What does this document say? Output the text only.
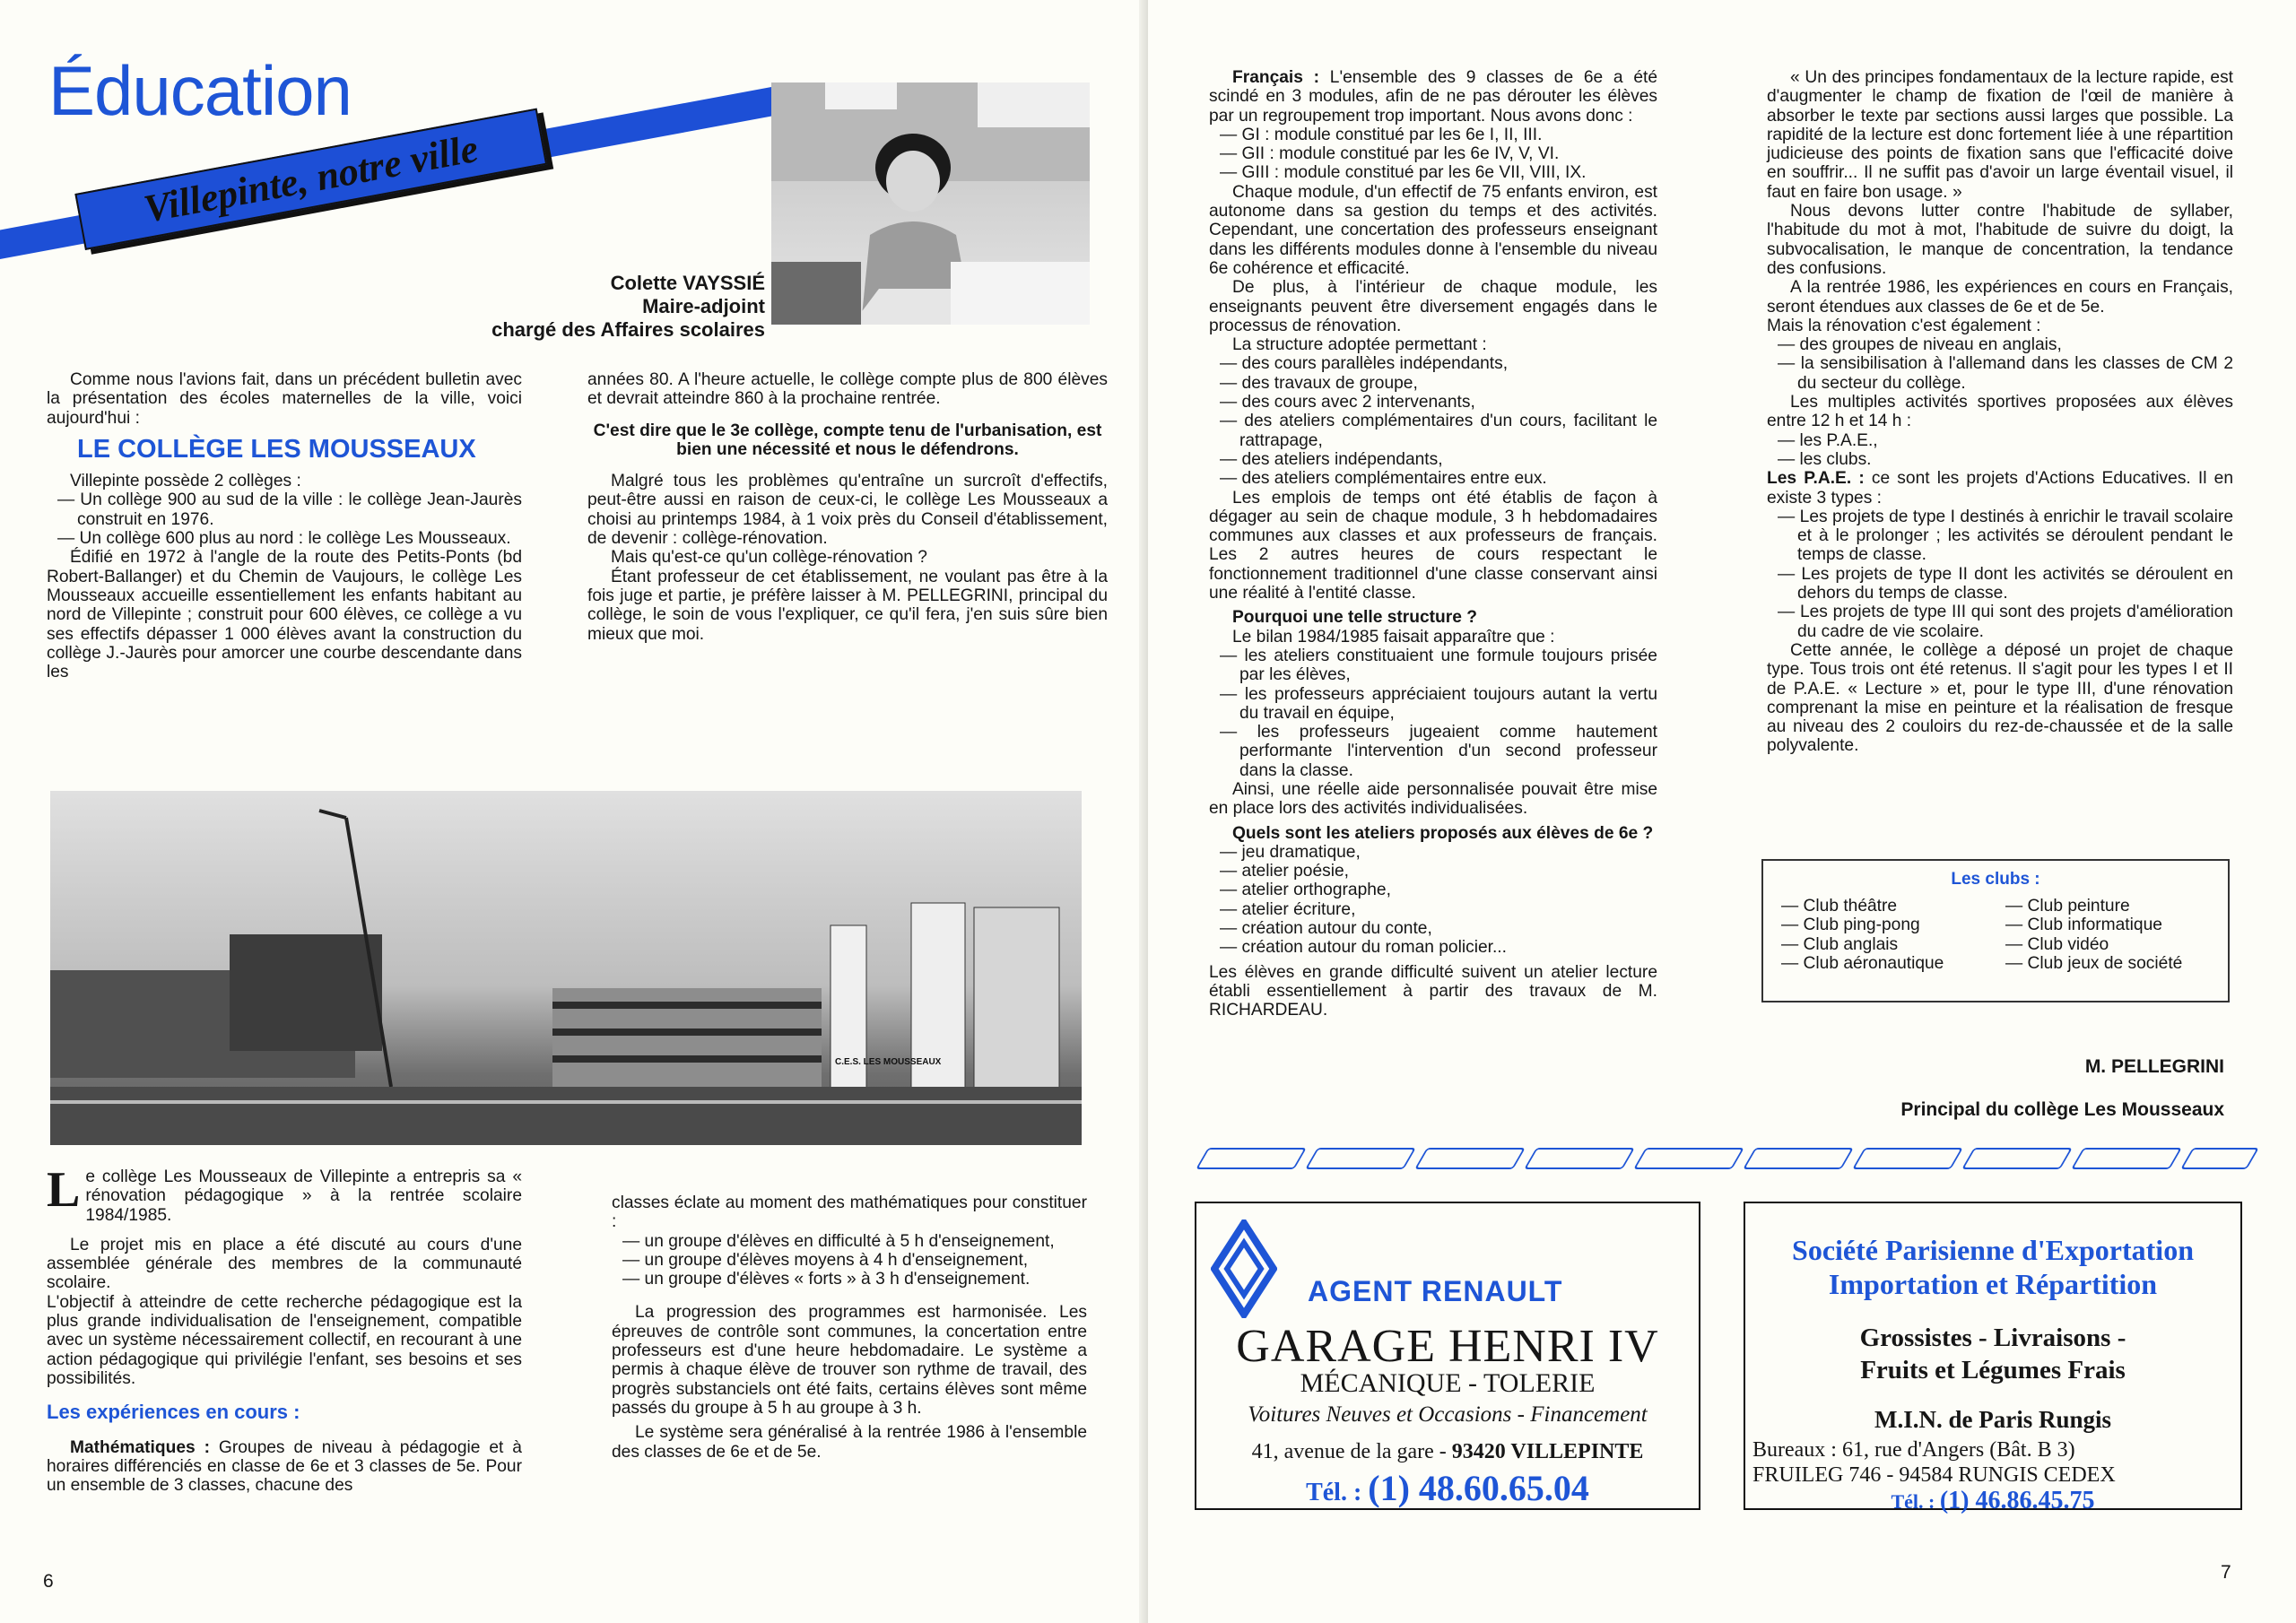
Éducation
Villepinte, notre ville
Colette VAYSSIÉ
Maire-adjoint
chargé des Affaires scolaires

Comme nous l'avions fait, dans un précédent bulletin avec la présentation des écoles maternelles de la ville, voici aujourd'hui :

LE COLLÈGE LES MOUSSEAUX

Villepinte possède 2 collèges :

— Un collège 900 au sud de la ville : le collège Jean-Jaurès construit en 1976.
— Un collège 600 plus au nord : le collège Les Mousseaux.

Édifié en 1972 à l'angle de la route des Petits-Ponts (bd Robert-Ballanger) et du Chemin de Vaujours, le collège Les Mousseaux accueille essentiellement les enfants habitant au nord de Villepinte ; construit pour 600 élèves, ce collège a vu ses effectifs dépasser 1 000 élèves avant la construction du collège J.-Jaurès pour amorcer une courbe descendante dans les

années 80. A l'heure actuelle, le collège compte plus de 800 élèves et devrait atteindre 860 à la prochaine rentrée.

C'est dire que le 3e collège, compte tenu de l'urbanisation, est bien une nécessité et nous le défendrons.

Malgré tous les problèmes qu'entraîne un surcroît d'effectifs, peut-être aussi en raison de ceux-ci, le collège Les Mousseaux a choisi au printemps 1984, à 1 voix près du Conseil d'établissement, de devenir : collège-rénovation.

Mais qu'est-ce qu'un collège-rénovation ?

Étant professeur de cet établissement, ne voulant pas être à la fois juge et partie, je préfère laisser à M. PELLEGRINI, principal du collège, le soin de vous l'expliquer, ce qu'il fera, j'en suis sûre bien mieux que moi.

C.E.S. LES MOUSSEAUX

Le collège Les Mousseaux de Villepinte a entrepris sa « rénovation pédagogique » à la rentrée scolaire 1984/1985.

Le projet mis en place a été discuté au cours d'une assemblée générale des membres de la communauté scolaire.

L'objectif à atteindre de cette recherche pédagogique est la plus grande individualisation de l'enseignement, compatible avec un système nécessairement collectif, en recourant à une action pédagogique qui privilégie l'enfant, ses besoins et ses possibilités.

Les expériences en cours :

Mathématiques : Groupes de niveau à pédagogie et à horaires différenciés en classe de 6e et 3 classes de 5e. Pour un ensemble de 3 classes, chacune des

classes éclate au moment des mathématiques pour constituer :

— un groupe d'élèves en difficulté à 5 h d'enseignement,
— un groupe d'élèves moyens à 4 h d'enseignement,
— un groupe d'élèves « forts » à 3 h d'enseignement.

La progression des programmes est harmonisée. Les épreuves de contrôle sont communes, la concertation entre professeurs est d'une heure hebdomadaire. Le système a permis à chaque élève de trouver son rythme de travail, des progrès substanciels ont été faits, certains élèves sont même passés du groupe à 5 h au groupe à 3 h.

Le système sera généralisé à la rentrée 1986 à l'ensemble des classes de 6e et de 5e.

6

Français : L'ensemble des 9 classes de 6e a été scindé en 3 modules, afin de ne pas dérouter les élèves par un regroupement trop important. Nous avons donc :

— GI : module constitué par les 6e I, II, III.
— GII : module constitué par les 6e IV, V, VI.
— GIII : module constitué par les 6e VII, VIII, IX.

Chaque module, d'un effectif de 75 enfants environ, est autonome dans sa gestion du temps et des activités. Cependant, une concertation des professeurs enseignant dans les différents modules donne à l'ensemble du niveau 6e cohérence et efficacité.

De plus, à l'intérieur de chaque module, les enseignants peuvent être diversement engagés dans le processus de rénovation.

La structure adoptée permettant :

— des cours parallèles indépendants,
— des travaux de groupe,
— des cours avec 2 intervenants,
— des ateliers complémentaires d'un cours, facilitant le rattrapage,
— des ateliers indépendants,
— des ateliers complémentaires entre eux.

Les emplois de temps ont été établis de façon à dégager au sein de chaque module, 3 h hebdomadaires communes aux classes et aux professeurs de français. Les 2 autres heures de cours respectant le fonctionnement traditionnel d'une classe conservant ainsi une réalité à l'entité classe.

Pourquoi une telle structure ?

Le bilan 1984/1985 faisait apparaître que :

— les ateliers constituaient une formule toujours prisée par les élèves,
— les professeurs appréciaient toujours autant la vertu du travail en équipe,
— les professeurs jugeaient comme hautement performante l'intervention d'un second professeur dans la classe.

Ainsi, une réelle aide personnalisée pouvait être mise en place lors des activités individualisées.

Quels sont les ateliers proposés aux élèves de 6e ?

— jeu dramatique,
— atelier poésie,
— atelier orthographe,
— atelier écriture,
— création autour du conte,
— création autour du roman policier...

Les élèves en grande difficulté suivent un atelier lecture établi essentiellement à partir des travaux de M. RICHARDEAU.

« Un des principes fondamentaux de la lecture rapide, est d'augmenter le champ de fixation de l'œil de manière à absorber le texte par sections aussi larges que possible. La rapidité de la lecture est donc fortement liée à une répartition judicieuse des points de fixation sans que l'efficacité doive en souffrir... Il ne suffit pas d'avoir un large éventail visuel, il faut en faire bon usage. »

Nous devons lutter contre l'habitude de syllaber, l'habitude du mot à mot, l'habitude de suivre du doigt, la subvocalisation, le manque de concentration, la tendance des confusions.

A la rentrée 1986, les expériences en cours en Français, seront étendues aux classes de 6e et de 5e.

Mais la rénovation c'est également :

— des groupes de niveau en anglais,
— la sensibilisation à l'allemand dans les classes de CM 2 du secteur du collège.

Les multiples activités sportives proposées aux élèves entre 12 h et 14 h :

— les P.A.E.,
— les clubs.

Les P.A.E. : ce sont les projets d'Actions Educatives. Il en existe 3 types :

— Les projets de type I destinés à enrichir le travail scolaire et à le prolonger ; les activités se déroulent pendant le temps de classe.
— Les projets de type II dont les activités se déroulent en dehors du temps de classe.
— Les projets de type III qui sont des projets d'amélioration du cadre de vie scolaire.

Cette année, le collège a déposé un projet de chaque type. Tous trois ont été retenus. Il s'agit pour les types I et II de P.A.E. « Lecture » et, pour le type III, d'une rénovation comprenant la mise en peinture et la réalisation de fresque au niveau des 2 couloirs du rez-de-chaussée et de la salle polyvalente.

Les clubs :
— Club théâtre
— Club ping-pong
— Club anglais
— Club aéronautique
— Club peinture
— Club informatique
— Club vidéo
— Club jeux de société
M. PELLEGRINI
Principal du collège Les Mousseaux
AGENT RENAULT
GARAGE HENRI IV
MÉCANIQUE - TOLERIE
Voitures Neuves et Occasions - Financement
41, avenue de la gare - 93420 VILLEPINTE
Tél. : (1) 48.60.65.04
Société Parisienne d'Exportation
Importation et Répartition
Grossistes - Livraisons -
Fruits et Légumes Frais
M.I.N. de Paris Rungis
Bureaux : 61, rue d'Angers (Bât. B 3)
FRUILEG 746 - 94584 RUNGIS CEDEX
Tél. : (1) 46.86.45.75
7
